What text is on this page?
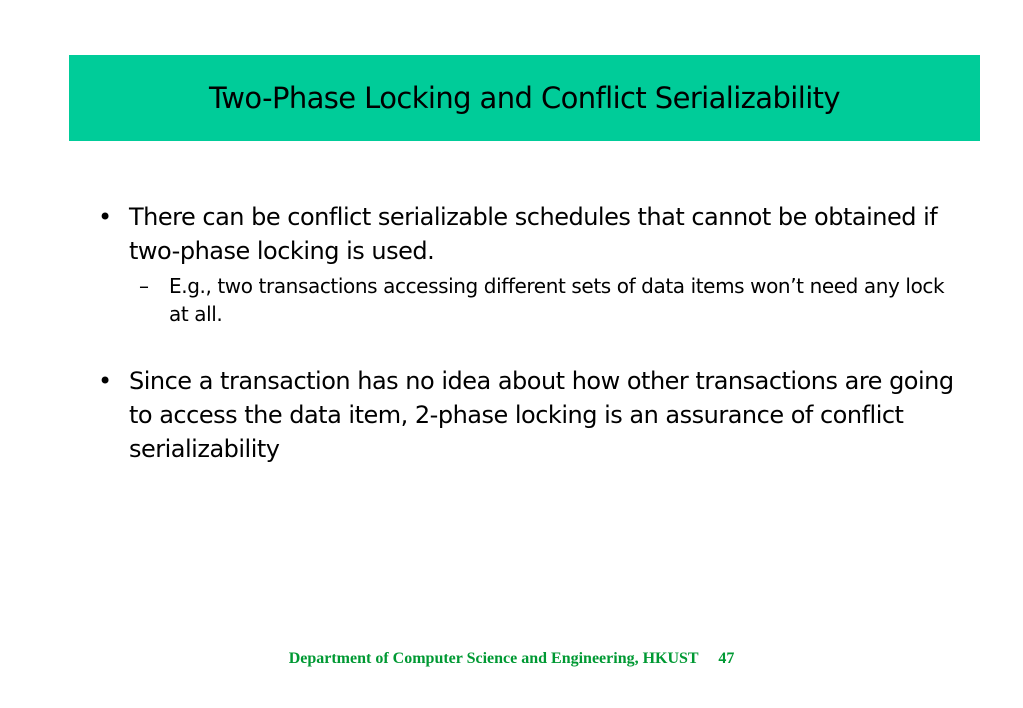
Two-Phase Locking and Conflict Serializability
• There can be conflict serializable schedules that cannot be obtained if two-phase locking is used.
– E.g., two transactions accessing different sets of data items won’t need any lock at all.
• Since a transaction has no idea about how other transactions are going to access the data item, 2-phase locking is an assurance of conflict serializability
Department of Computer Science and Engineering, HKUST 47
